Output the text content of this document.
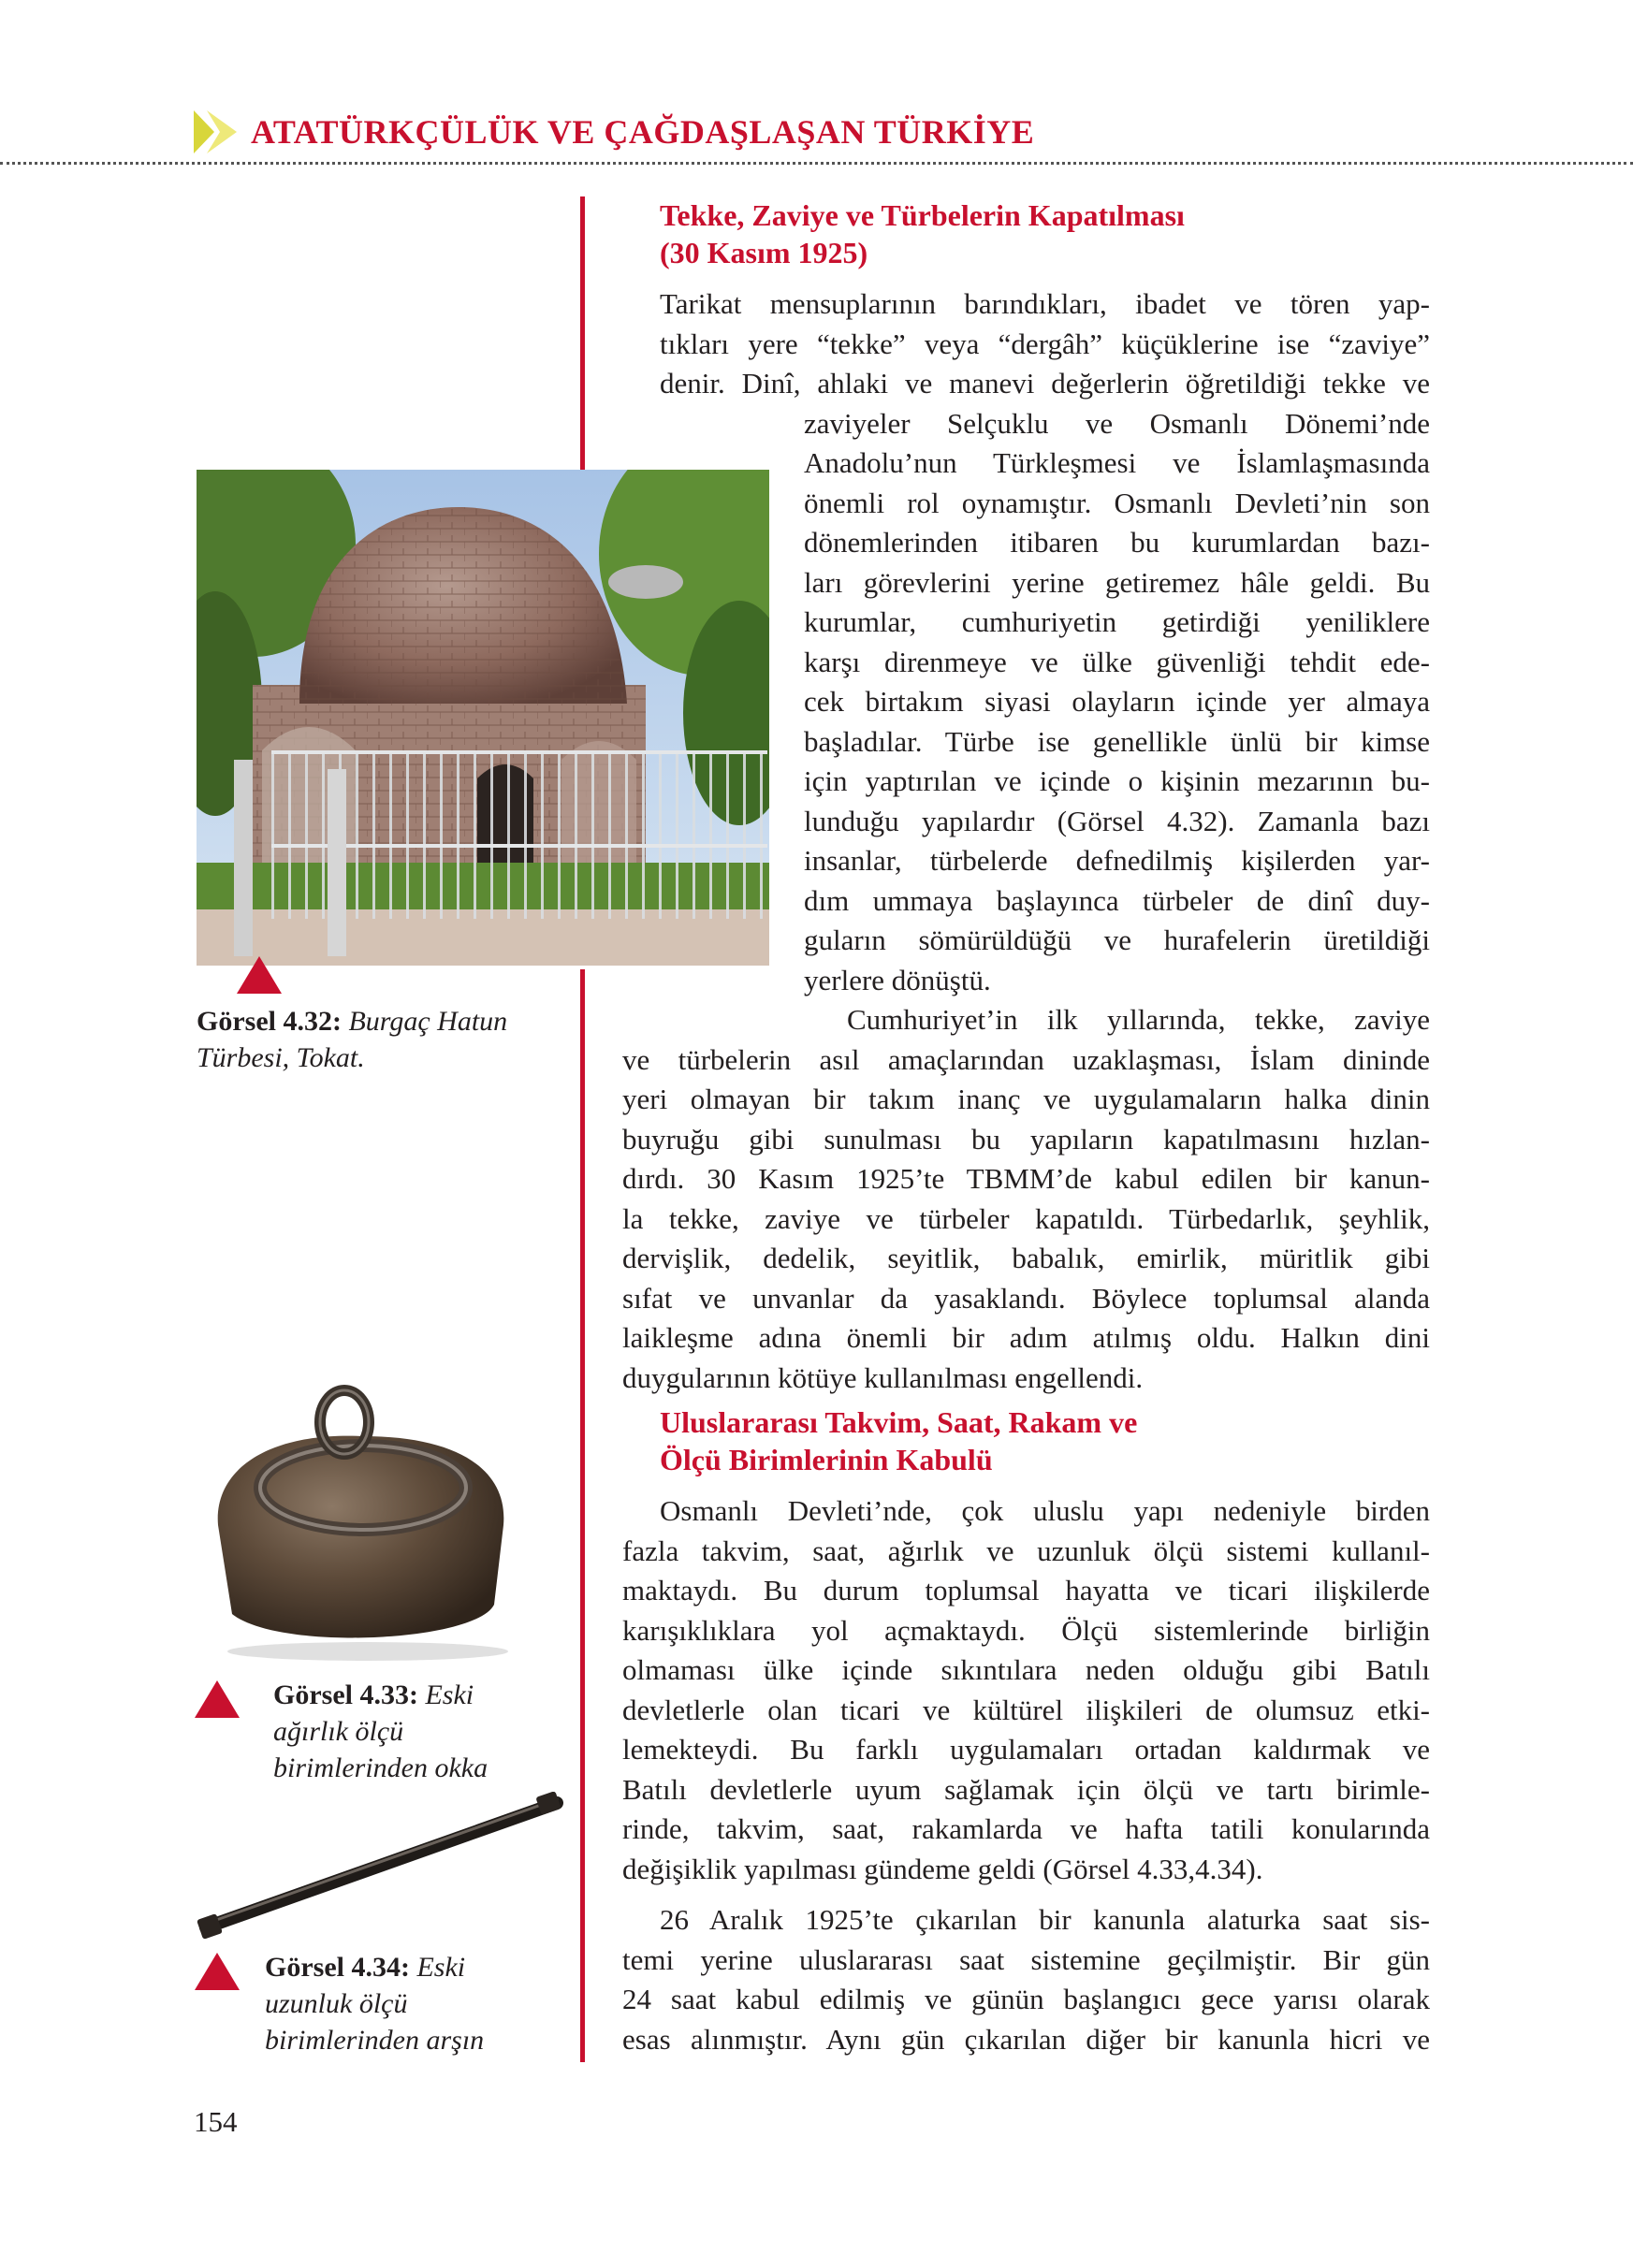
ATATÜRKÇÜLÜK VE ÇAĞDAŞLAŞAN TÜRKİYE
Tekke, Zaviye ve Türbelerin Kapatılması
(30 Kasım 1925)

Tarikat mensuplarının barındıkları, ibadet ve tören yap-

tıkları yere “tekke” veya “dergâh” küçüklerine ise “zaviye”

denir. Dinî, ahlaki ve manevi değerlerin öğretildiği tekke ve

zaviyeler Selçuklu ve Osmanlı Dönemi’nde

Anadolu’nun Türkleşmesi ve İslamlaşmasında

önemli rol oynamıştır. Osmanlı Devleti’nin son

dönemlerinden itibaren bu kurumlardan bazı-

ları görevlerini yerine getiremez hâle geldi. Bu

kurumlar, cumhuriyetin getirdiği yeniliklere

karşı direnmeye ve ülke güvenliği tehdit ede-

cek birtakım siyasi olayların içinde yer almaya

başladılar. Türbe ise genellikle ünlü bir kimse

için yaptırılan ve içinde o kişinin mezarının bu-

lunduğu yapılardır (Görsel 4.32). Zamanla bazı

insanlar, türbelerde defnedilmiş kişilerden yar-

dım ummaya başlayınca türbeler de dinî duy-

guların sömürüldüğü ve hurafelerin üretildiği

yerlere dönüştü.

Cumhuriyet’in ilk yıllarında, tekke, zaviye

ve türbelerin asıl amaçlarından uzaklaşması, İslam dininde

yeri olmayan bir takım inanç ve uygulamaların halka dinin

buyruğu gibi sunulması bu yapıların kapatılmasını hızlan-

dırdı. 30 Kasım 1925’te TBMM’de kabul edilen bir kanun-

la tekke, zaviye ve türbeler kapatıldı. Türbedarlık, şeyhlik,

dervişlik, dedelik, seyitlik, babalık, emirlik, müritlik gibi

sıfat ve unvanlar da yasaklandı. Böylece toplumsal alanda

laikleşme adına önemli bir adım atılmış oldu. Halkın dini

duygularının kötüye kullanılması engellendi.

Uluslararası Takvim, Saat, Rakam ve
Ölçü Birimlerinin Kabulü

Osmanlı Devleti’nde, çok uluslu yapı nedeniyle birden

fazla takvim, saat, ağırlık ve uzunluk ölçü sistemi kullanıl-

maktaydı. Bu durum toplumsal hayatta ve ticari ilişkilerde

karışıklıklara yol açmaktaydı. Ölçü sistemlerinde birliğin

olmaması ülke içinde sıkıntılara neden olduğu gibi Batılı

devletlerle olan ticari ve kültürel ilişkileri de olumsuz etki-

lemekteydi. Bu farklı uygulamaları ortadan kaldırmak ve

Batılı devletlerle uyum sağlamak için ölçü ve tartı birimle-

rinde, takvim, saat, rakamlarda ve hafta tatili konularında

değişiklik yapılması gündeme geldi (Görsel 4.33,4.34).

26 Aralık 1925’te çıkarılan bir kanunla alaturka saat sis-

temi yerine uluslararası saat sistemine geçilmiştir. Bir gün

24 saat kabul edilmiş ve günün başlangıcı gece yarısı olarak

esas alınmıştır. Aynı gün çıkarılan diğer bir kanunla hicri ve

Görsel 4.32: Burgaç Hatun
Türbesi, Tokat.
Görsel 4.33: Eski
ağırlık ölçü
birimlerinden okka
Görsel 4.34: Eski
uzunluk ölçü
birimlerinden arşın
154
